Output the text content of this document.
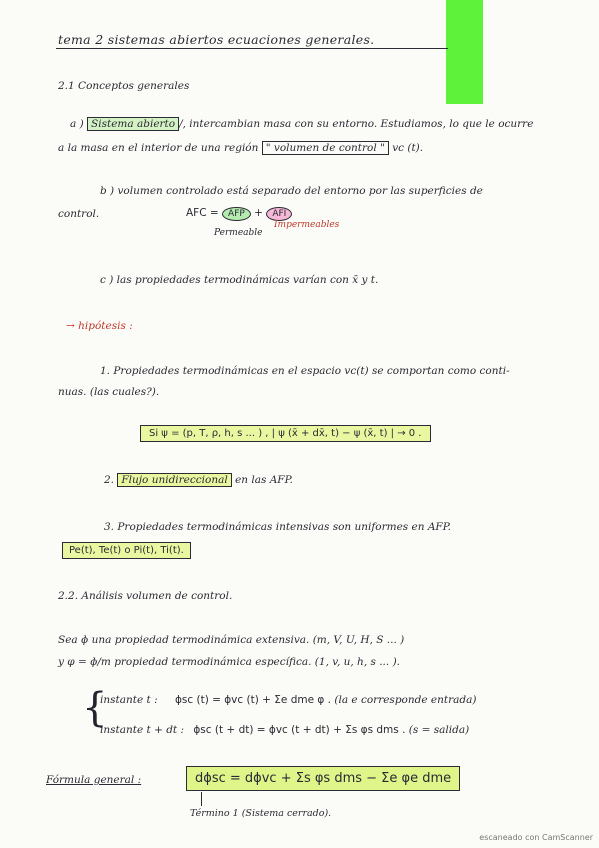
tema 2 sistemas abiertos ecuaciones generales.
2.1 Conceptos generales
a ) Sistema abierto /, intercambian masa con su entorno. Estudiamos, lo que le ocurre
a la masa en el interior de una región " volumen de control " vc (t).
b ) volumen controlado está separado del entorno por las superficies de
control.	AFC = AFP + AFI
Permeable
Impermeables
c ) las propiedades termodinámicas varían con x̄ y t.
→ hipótesis :
1. Propiedades termodinámicas en el espacio vc(t) se comportan como conti-
nuas. (las cuales?).
Si ψ = (p, T, ρ, h, s ... ) , | ψ (x̄ + dx̄, t) − ψ (x̄, t) | → 0 .
2. Flujo unidireccional en las AFP.
3. Propiedades termodinámicas intensivas son uniformes en AFP.
Pe(t), Te(t) o Pi(t), Ti(t).
2.2. Análisis volumen de control.
Sea ɸ una propiedad termodinámica extensiva. (m, V, U, H, S ... )
y φ = ɸ/m propiedad termodinámica específica. (1, v, u, h, s ... ).
{
instante t : ɸsc (t) = ɸvc (t) + Σe dme φ . (la e corresponde entrada)
instante t + dt : ɸsc (t + dt) = ɸvc (t + dt) + Σs φs dms . (s = salida)
Fórmula general :	dɸsc = dɸvc + Σs φs dms − Σe φe dme
Término 1 (Sistema cerrado).
escaneado con CamScanner
